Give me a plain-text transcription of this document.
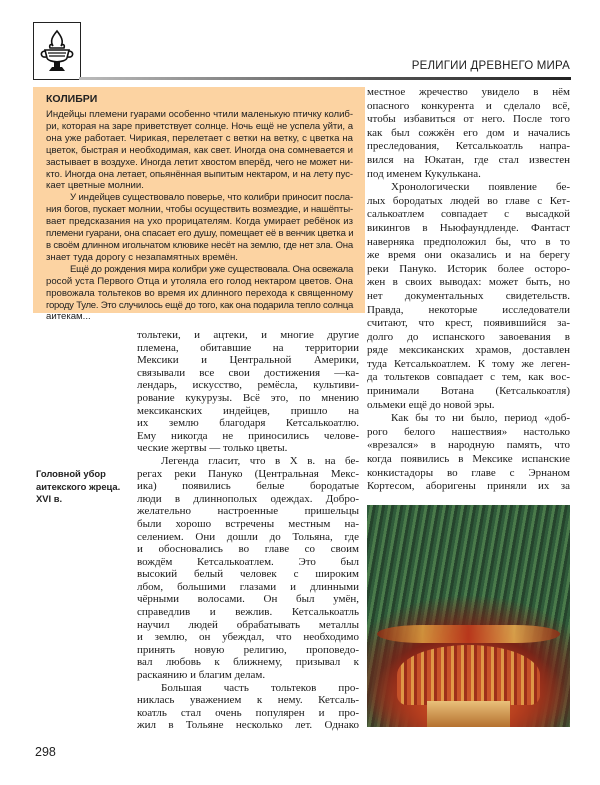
РЕЛИГИИ ДРЕВНЕГО МИРА
КОЛИБРИ
Индейцы племени гуарами особенно чтили маленькую птичку колиб-
ри, которая на заре приветствует солнце. Ночь ещё не успела уйти, а
она уже работает. Чирикая, перелетает с ветки на ветку, с цветка на
цветок, быстрая и необходимая, как свет. Иногда она сомневается и
застывает в воздухе. Иногда летит хвостом вперёд, чего не может ни-
кто. Иногда она летает, опьянённая выпитым нектаром, и на лету пус-
кает цветные молнии.
У индейцев существовало поверье, что колибри приносит посла-
ния богов, пускает молнии, чтобы осуществить возмездие, и нашёпты-
вает предсказания на ухо прорицателям. Когда умирает ребёнок из
племени гуарани, она спасает его душу, помещает её в венчик цветка и
в своём длинном игольчатом клювике несёт на землю, где нет зла. Она
знает туда дорогу с незапамятных времён.
Ещё до рождения мира колибри уже существовала. Она освежала
росой уста Первого Отца и утоляла его голод нектаром цветов. Она
провожала тольтеков во время их длинного перехода к священному
городу Туле. Это случилось ещё до того, как она подарила тепло солнца
аитекам...
тольтеки, и ацтеки, и многие другие
племена, обитавшие на территории
Мексики и Центральной Америки,
связывали все свои достижения —ка-
лендарь, искусство, ремёсла, культиви-
рование кукурузы. Всё это, по мнению
мексиканских индейцев, пришло на
их землю благодаря Кетсалькоатлю.
Ему никогда не приносились челове-
ческие жертвы — только цветы.
Легенда гласит, что в X в. на бе-
регах реки Пануко (Центральная Мекс-
ика) появились белые бородатые
люди в длиннополых одеждах. Добро-
желательно настроенные пришельцы
были хорошо встречены местным на-
селением. Они дошли до Тольяна, где
и обосновались во главе со своим
вождём Кетсалькоатлем. Это был
высокий белый человек с широким
лбом, большими глазами и длинными
чёрными волосами. Он был умён,
справедлив и вежлив. Кетсалькоатль
научил людей обрабатывать металлы
и землю, он убеждал, что необходимо
принять новую религию, проповедо-
вал любовь к ближнему, призывал к
раскаянию и благим делам.
Большая часть тольтеков про-
никлась уважением к нему. Кетсаль-
коатль стал очень популярен и про-
жил в Тольяне несколько лет. Однако
местное жречество увидело в нём
опасного конкурента и сделало всё,
чтобы избавиться от него. После того
как был сожжён его дом и начались
преследования, Кетсалькоатль напра-
вился на Юкатан, где стал известен
под именем Кукулькана.
Хронологически появление бе-
лых бородатых людей во главе с Кет-
салькоатлем совпадает с высадкой
викингов в Ньюфаундленде. Фантаст
наверняка предположил бы, что в то
же время они оказались и на берегу
реки Пануко. Историк более осторо-
жен в своих выводах: может быть, но
нет документальных свидетельств.
Правда, некоторые исследователи
считают, что крест, появившийся за-
долго до испанского завоевания в
ряде мексиканских храмов, доставлен
туда Кетсалькоатлем. К тому же леген-
да тольтеков совпадает с тем, как вос-
принимали Вотана (Кетсалькоатля)
ольмеки ещё до новой эры.
Как бы то ни было, период «доб-
рого белого нашествия» настолько
«врезался» в народную память, что
когда появились в Мексике испанские
конкистадоры во главе с Эрнаном
Кортесом, аборигены приняли их за
Головной убор
аитекского жреца.
XVI в.
298
